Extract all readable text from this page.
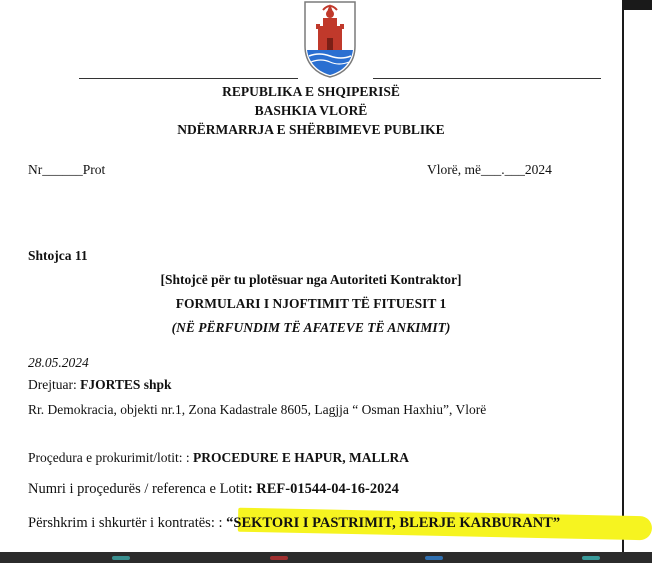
REPUBLIKA E SHQIPERISË
BASHKIA VLORË
NDËRMARRJA E SHËRBIMEVE PUBLIKE
Nr______Prot	Vlorë, më___.___2024
Shtojca 11
[Shtojcë për tu plotësuar nga Autoriteti Kontraktor]
FORMULARI I NJOFTIMIT TË FITUESIT 1
(NË PËRFUNDIM TË AFATEVE TË ANKIMIT)
28.05.2024
Drejtuar: FJORTES shpk
Rr. Demokracia, objekti nr.1, Zona Kadastrale 8605, Lagjja “ Osman Haxhiu”, Vlorë
Proçedura e prokurimit/lotit: : PROCEDURE E HAPUR, MALLRA
Numri i proçedurës / referenca e Lotit: REF-01544-04-16-2024
Përshkrim i shkurtër i kontratës: : “SEKTORI I PASTRIMIT, BLERJE KARBURANT”
